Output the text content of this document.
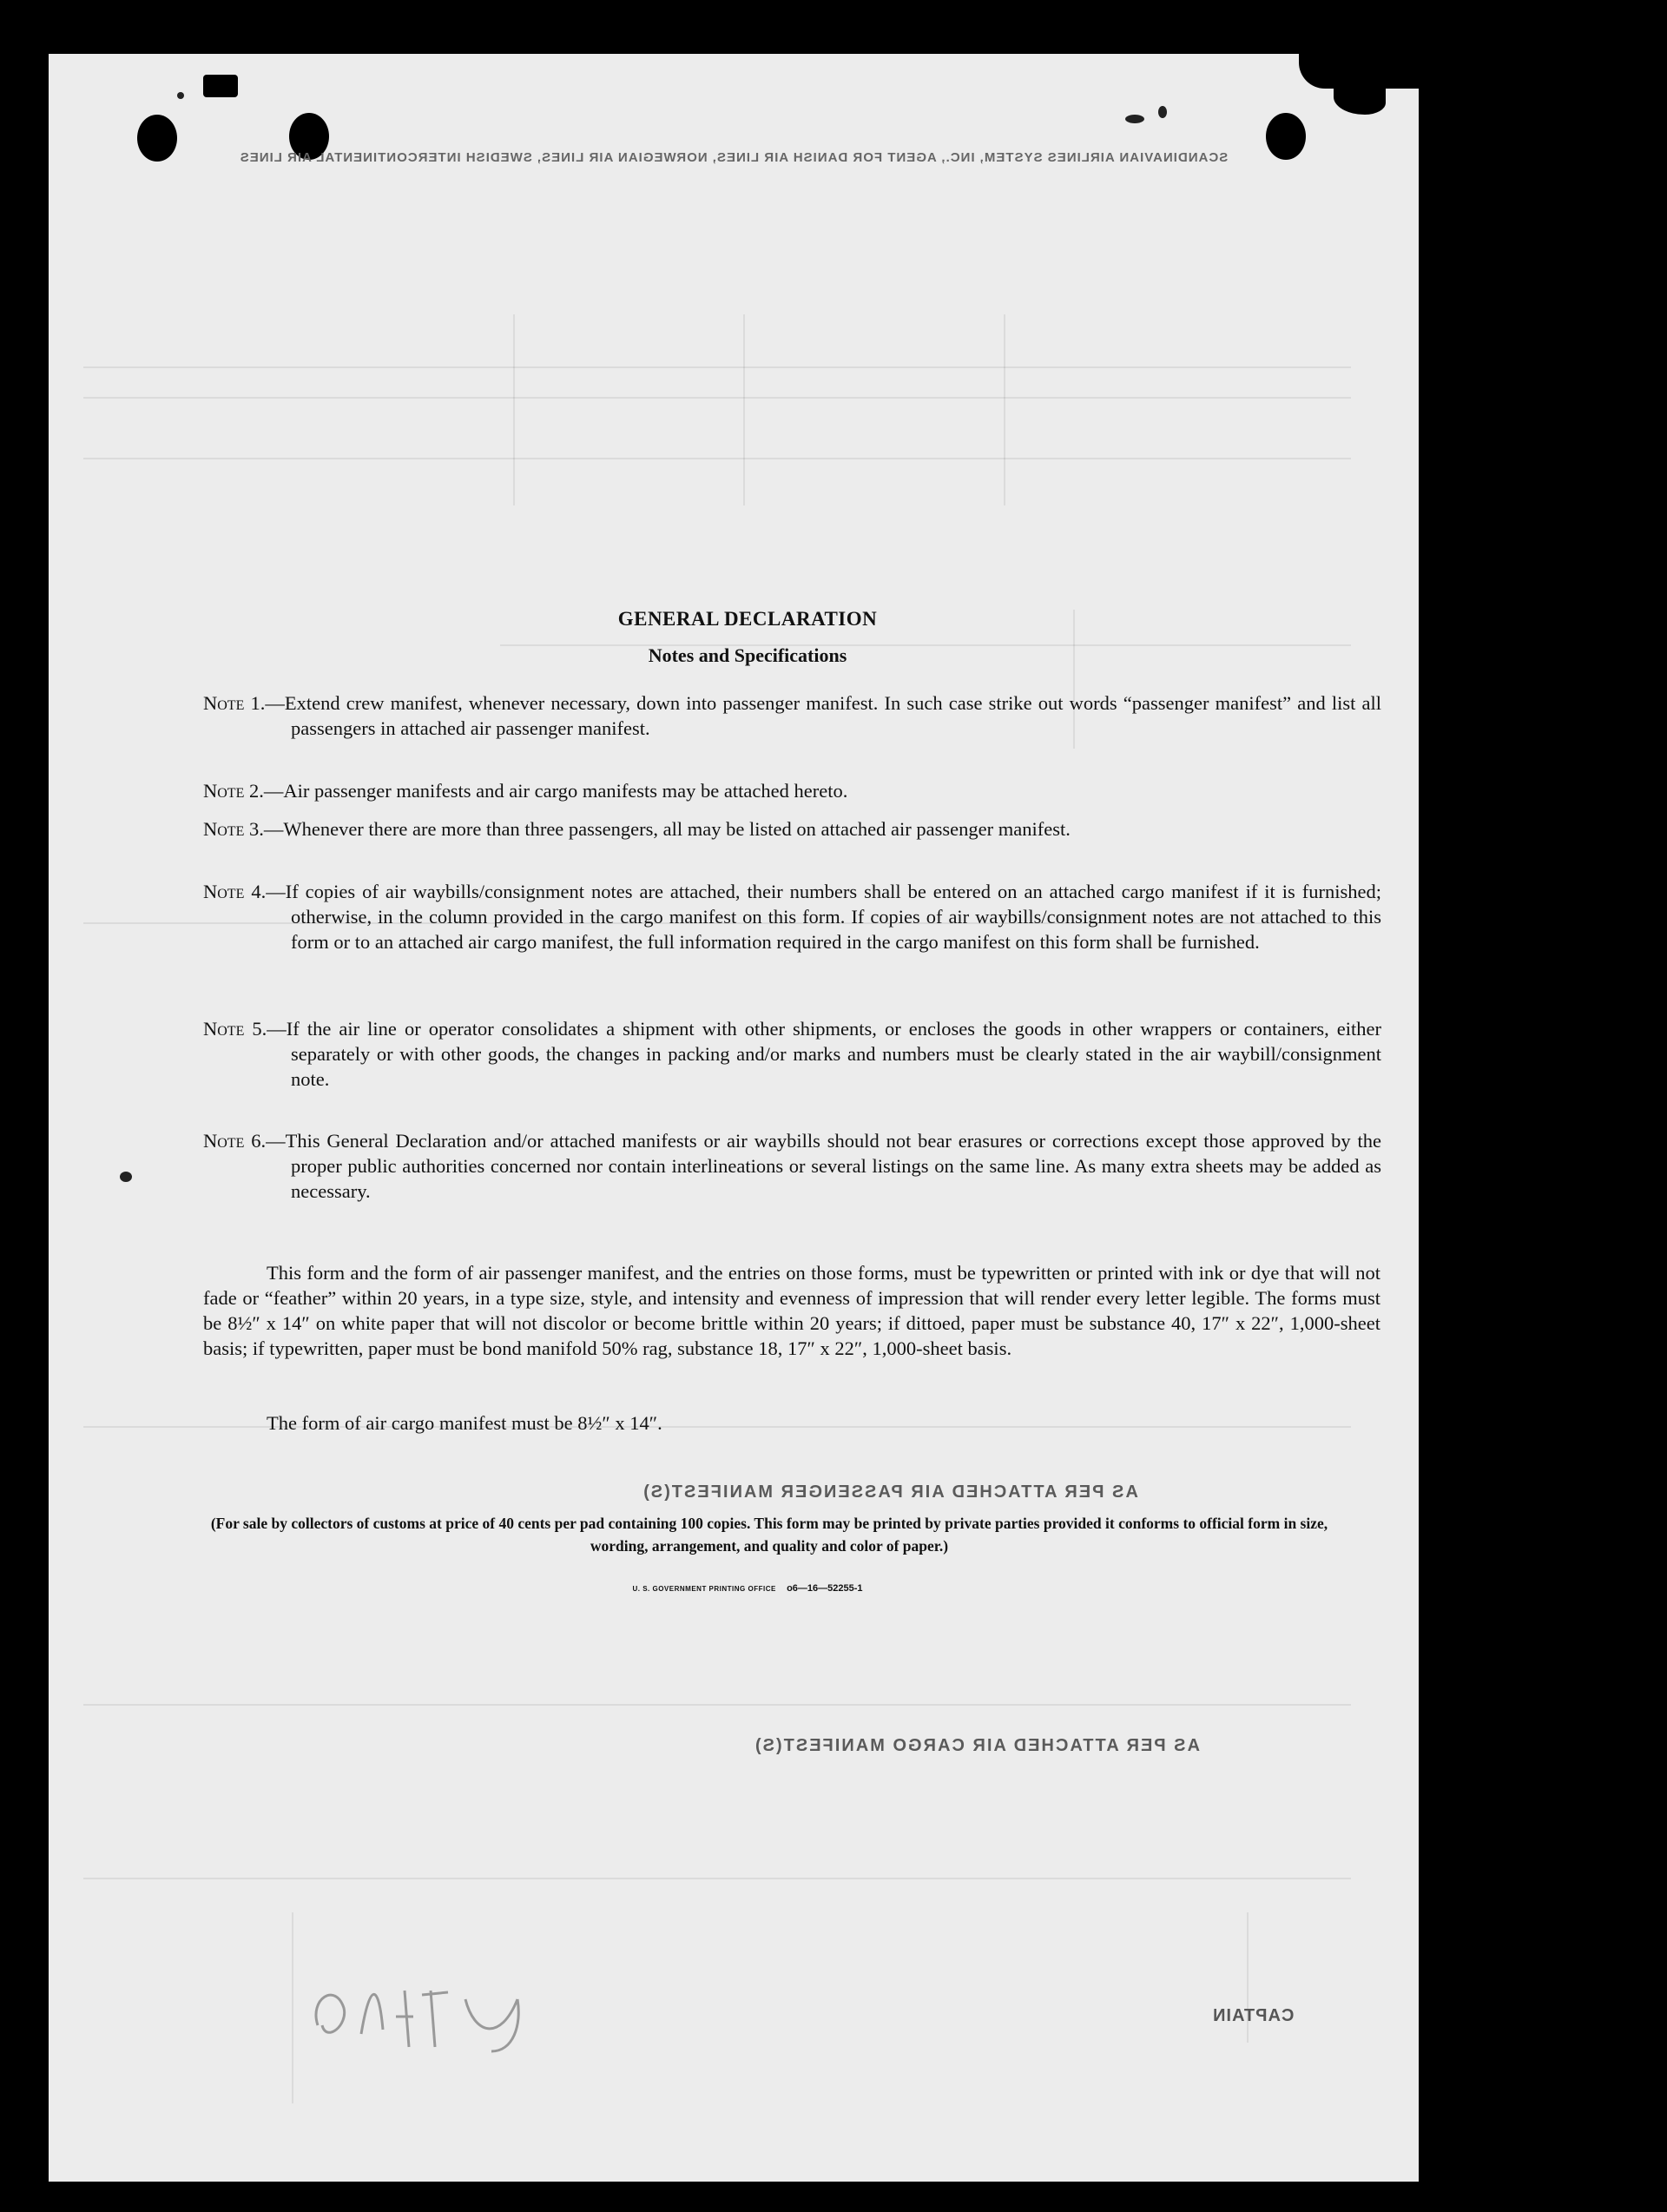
SCANDINAVIAN AIRLINES SYSTEM, INC., AGENT FOR DANISH AIR LINES, NORWEGIAN AIR LINES, SWEDISH INTERCONTINENTAL AIR LINES
AS PER ATTACHED AIR PASSENGER MANIFEST(S)
AS PER ATTACHED AIR CARGO MANIFEST(S)
CAPTAIN
GENERAL DECLARATION
Notes and Specifications
Note 1.—Extend crew manifest, whenever necessary, down into passenger manifest. In such case strike out words “passenger manifest” and list all passengers in attached air passenger manifest.
Note 2.—Air passenger manifests and air cargo manifests may be attached hereto.
Note 3.—Whenever there are more than three passengers, all may be listed on attached air passenger manifest.
Note 4.—If copies of air waybills/consignment notes are attached, their numbers shall be entered on an attached cargo manifest if it is furnished; otherwise, in the column provided in the cargo manifest on this form. If copies of air waybills/consignment notes are not attached to this form or to an attached air cargo manifest, the full information required in the cargo manifest on this form shall be furnished.
Note 5.—If the air line or operator consolidates a shipment with other shipments, or encloses the goods in other wrappers or containers, either separately or with other goods, the changes in packing and/or marks and numbers must be clearly stated in the air waybill/consignment note.
Note 6.—This General Declaration and/or attached manifests or air waybills should not bear erasures or corrections except those approved by the proper public authorities concerned nor contain interlineations or several listings on the same line. As many extra sheets may be added as necessary.
This form and the form of air passenger manifest, and the entries on those forms, must be typewritten or printed with ink or dye that will not fade or “feather” within 20 years, in a type size, style, and intensity and evenness of impression that will render every letter legible. The forms must be 8½″ x 14″ on white paper that will not discolor or become brittle within 20 years; if dittoed, paper must be substance 40, 17″ x 22″, 1,000-sheet basis; if typewritten, paper must be bond manifold 50% rag, substance 18, 17″ x 22″, 1,000-sheet basis.
The form of air cargo manifest must be 8½″ x 14″.
(For sale by collectors of customs at price of 40 cents per pad containing 100 copies. This form may be printed by private parties provided it conforms to official form in size, wording, arrangement, and quality and color of paper.)
U. S. GOVERNMENT PRINTING OFFICE o6—16—52255-1
